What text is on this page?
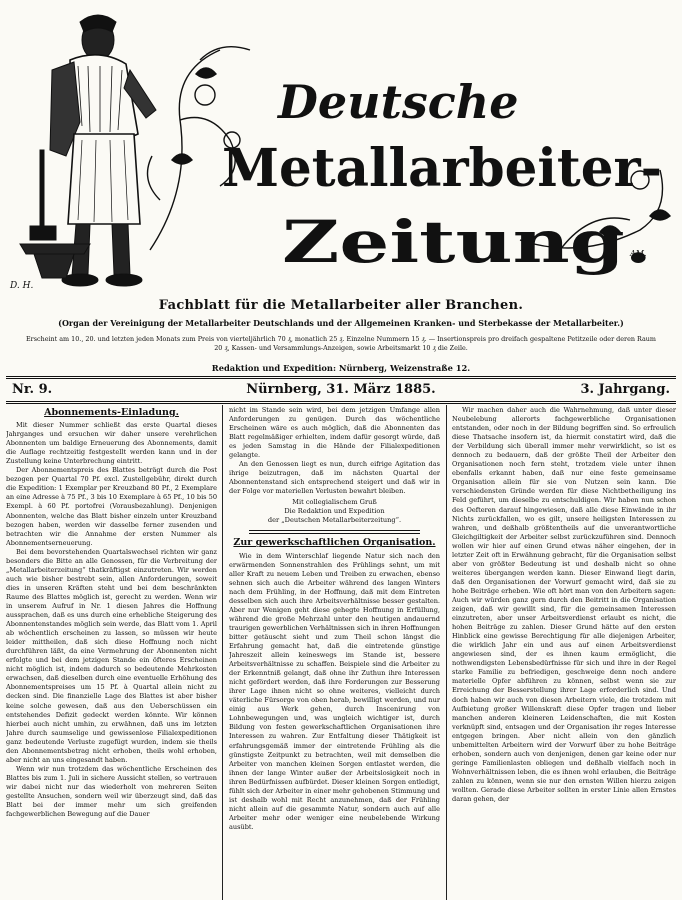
Deutsche
Metallarbeiter-
Zeitung.
D. H.
AM.
Fachblatt für die Metallarbeiter aller Branchen.
(Organ der Vereinigung der Metallarbeiter Deutschlands und der Allgemeinen Kranken- und Sterbekasse der Metallarbeiter.)
Erscheint am 10., 20. und letzten jeden Monats zum Preis von vierteljährlich 70 ₰, monatlich 25 ₰. Einzelne Nummern 15 ₰. — Insertionspreis pro dreifach gespaltene Petitzeile oder deren Raum
20 ₰, Kassen- und Versammlungs-Anzeigen, sowie Arbeitsmarkt 10 ₰ die Zeile.
Redaktion und Expedition: Nürnberg, Weizenstraße 12.
Nr. 9.	Nürnberg, 31. März 1885.	3. Jahrgang.
Abonnements-Einladung.

Mit dieser Nummer schließt das erste Quartal dieses Jahrganges und ersuchen wir daher unsere verehrlichen Abonnenten um baldige Erneuerung des Abonnements, damit die Auflage rechtzeitig festgestellt werden kann und in der Zustellung keine Unterbrechung eintritt.

Der Abonnementspreis des Blattes beträgt durch die Post bezogen per Quartal 70 Pf. excl. Zustellgebühr, direkt durch die Expedition: 1 Exemplar per Kreuzband 80 Pf., 2 Exemplare an eine Adresse à 75 Pf., 3 bis 10 Exemplare à 65 Pf., 10 bis 50 Exempl. à 60 Pf. portofrei (Vorausbezahlung). Denjenigen Abonnenten, welche das Blatt bisher einzeln unter Kreuzband bezogen haben, werden wir dasselbe ferner zusenden und betrachten wir die Annahme der ersten Nummer als Abonnementserneuerung.

Bei dem bevorstehenden Quartalswechsel richten wir ganz besonders die Bitte an alle Genossen, für die Verbreitung der „Metallarbeiterzeitung“ thatkräftigst einzutreten. Wir werden auch wie bisher bestrebt sein, allen Anforderungen, soweit dies in unseren Kräften steht und bei dem beschränkten Raume des Blattes möglich ist, gerecht zu werden. Wenn wir in unserem Aufruf in Nr. 1 diesen Jahres die Hoffnung aussprachen, daß es uns durch eine erhebliche Steigerung des Abonnentenstandes möglich sein werde, das Blatt vom 1. April ab wöchentlich erscheinen zu lassen, so müssen wir heute leider mittheilen, daß sich diese Hoffnung noch nicht durchführen läßt, da eine Vermehrung der Abonnenten nicht erfolgte und bei dem jetzigen Stande ein öfteres Erscheinen nicht möglich ist, indem dadurch so bedeutende Mehrkosten erwachsen, daß dieselben durch eine eventuelle Erhöhung des Abonnementspreises um 15 Pf. à Quartal allein nicht zu decken sind. Die finanzielle Lage des Blattes ist aber bisher keine solche gewesen, daß aus den Ueberschüssen ein entstehendes Defizit gedeckt werden könnte. Wir können hierbei auch nicht umhin, zu erwähnen, daß uns im letzten Jahre durch saumselige und gewissenlose Filialexpeditionen ganz bedeutende Verluste zugefügt wurden, indem sie theils den Abonnementsbetrag nicht erhoben, theils wohl erhoben, aber nicht an uns eingesandt haben.

Wenn wir nun trotzdem das wöchentliche Erscheinen des Blattes bis zum 1. Juli in sichere Aussicht stellen, so vertrauen wir dabei nicht nur das wiederholt von mehreren Seiten gestellte Ansuchen, sondern weil wir überzeugt sind, daß das Blatt bei der immer mehr um sich greifenden fachgewerblichen Bewegung auf die Dauer

nicht im Stande sein wird, bei dem jetzigen Umfange allen Anforderungen zu genügen. Durch das wöchentliche Erscheinen wäre es auch möglich, daß die Abonnenten das Blatt regelmäßiger erhielten, indem dafür gesorgt würde, daß es jeden Samstag in die Hände der Filialexpeditionen gelangte.

An den Genossen liegt es nun, durch eifrige Agitation das ihrige beizutragen, daß im nächsten Quartal der Abonnentenstand sich entsprechend steigert und daß wir in der Folge vor materiellen Verlusten bewahrt bleiben.

Mit collegialischem Gruß
Die Redaktion und Expedition
der „Deutschen Metallarbeiterzeitung“.
Zur gewerkschaftlichen Organisation.

Wie in dem Winterschlaf liegende Natur sich nach den erwärmenden Sonnenstrahlen des Frühlings sehnt, um mit aller Kraft zu neuem Leben und Treiben zu erwachen, ebenso sehnen sich auch die Arbeiter während des langen Winters nach dem Frühling, in der Hoffnung, daß mit dem Eintreten desselben sich auch ihre Arbeitsverhältnisse besser gestalten. Aber nur Wenigen geht diese gehegte Hoffnung in Erfüllung, während die große Mehrzahl unter den heutigen andauernd traurigen gewerblichen Verhältnissen sich in ihren Hoffnungen bitter getäuscht sieht und zum Theil schon längst die Erfahrung gemacht hat, daß die eintretende günstige Jahreszeit allein keineswegs im Stande ist, bessere Arbeitsverhältnisse zu schaffen. Beispiele sind die Arbeiter zu der Erkenntniß gelangt, daß ohne ihr Zuthun ihre Interessen nicht gefördert werden, daß ihre Forderungen zur Besserung ihrer Lage ihnen nicht so ohne weiteres, vielleicht durch väterliche Fürsorge von oben herab, bewilligt werden, und nur einig aus Werk gehen, durch Inscenirung von Lohnbewegungen und, was ungleich wichtiger ist, durch Bildung von festen gewerkschaftlichen Organisationen ihre Interessen zu wahren. Zur Entfaltung dieser Thätigkeit ist erfahrungsgemäß immer der eintretende Frühling als die günstigste Zeitpunkt zu betrachten, weil mit demselben die Arbeiter von manchen kleinen Sorgen entlastet werden, die ihnen der lange Winter außer der Arbeitslosigkeit noch in ihren Bedürfnissen aufbürdet. Dieser kleinen Sorgen entledigt, fühlt sich der Arbeiter in einer mehr gehobenen Stimmung und ist deshalb wohl mit Recht anzunehmen, daß der Frühling nicht allein auf die gesammte Natur, sondern auch auf alle Arbeiter mehr oder weniger eine neubelebende Wirkung ausübt.

Wir machen daher auch die Wahrnehmung, daß unter dieser Neubelebung allerorts fachgewerbliche Organisationen entstanden, oder noch in der Bildung begriffen sind. So erfreulich diese Thatsache insofern ist, da hiermit constatirt wird, daß die der Verbildung sich überall immer mehr verwirklicht, so ist es dennoch zu bedauern, daß der größte Theil der Arbeiter den Organisationen noch fern steht, trotzdem viele unter ihnen ebenfalls erkannt haben, daß nur eine feste gemeinsame Organisation allein für sie von Nutzen sein kann. Die verschiedensten Gründe werden für diese Nichtbetheiligung ins Feld geführt, um dieselbe zu entschuldigen. Wir haben nun schon des Oefteren darauf hingewiesen, daß alle diese Einwände in ihr Nichts zurückfallen, wo es gilt, unsere heiligsten Interessen zu wahren, und deßhalb größtentheils auf die unverantwortliche Gleichgiltigkeit der Arbeiter selbst zurückzuführen sind. Dennoch wollen wir hier auf einen Grund etwas näher eingehen, der in letzter Zeit oft in Erwähnung gebracht, für die Organisation selbst aber von größter Bedeutung ist und deshalb nicht so ohne weiteres übergangen werden kann. Dieser Einwand liegt darin, daß den Organisationen der Vorwurf gemacht wird, daß sie zu hohe Beiträge erheben. Wie oft hört man von den Arbeitern sagen: Auch wir würden ganz gern durch den Beitritt in die Organisation zeigen, daß wir gewillt sind, für die gemeinsamen Interessen einzutreten, aber unser Arbeitsverdienst erlaubt es nicht, die hohen Beiträge zu zahlen. Dieser Grund hätte auf den ersten Hinblick eine gewisse Berechtigung für alle diejenigen Arbeiter, die wirklich Jahr ein und aus auf einen Arbeitsverdienst angewiesen sind, der es ihnen kaum ermöglicht, die nothwendigsten Lebensbedürfnisse für sich und ihre in der Regel starke Familie zu befriedigen, geschweige denn noch andere materielle Opfer abführen zu können, selbst wenn sie zur Erreichung der Besserstellung ihrer Lage erforderlich sind. Und doch haben wir auch von diesen Arbeitern viele, die trotzdem mit Aufbietung großer Willenskraft diese Opfer tragen und lieber manchen anderen kleineren Leidenschaften, die mit Kosten verknüpft sind, entsagen und der Organisation ihr reges Interesse entgegen bringen. Aber nicht allein von den gänzlich unbemittelten Arbeitern wird der Vorwurf über zu hohe Beiträge erhoben, sondern auch von denjenigen, denen gar keine oder nur geringe Familienlasten obliegen und deßhalb vielfach noch in Wohnverhältnissen leben, die es ihnen wohl erlauben, die Beiträge zahlen zu können, wenn sie nur den ernsten Willen hierzu zeigen wollten. Gerade diese Arbeiter sollten in erster Linie allen Ernstes daran gehen, der
